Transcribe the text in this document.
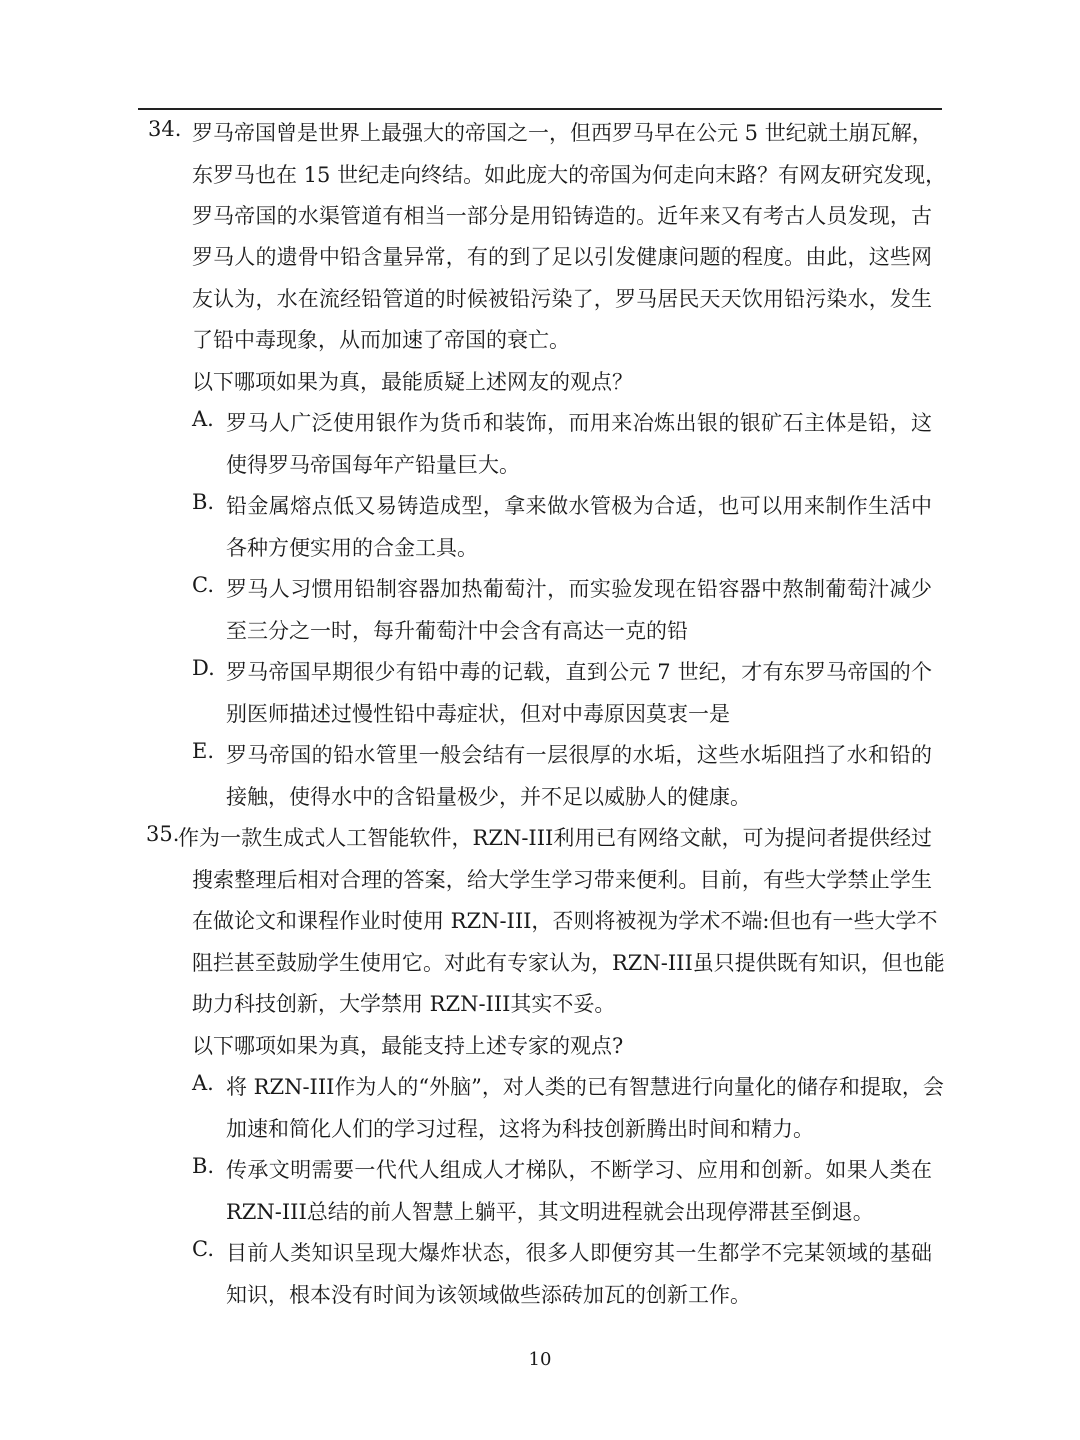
34. 罗马帝国曾是世界上最强大的帝国之一，但西罗马早在公元 5 世纪就土崩瓦解，
东罗马也在 15 世纪走向终结。如此庞大的帝国为何走向末路？有网友研究发现，
罗马帝国的水渠管道有相当一部分是用铅铸造的。近年来又有考古人员发现，古
罗马人的遗骨中铅含量异常，有的到了足以引发健康问题的程度。由此，这些网
友认为，水在流经铅管道的时候被铅污染了，罗马居民天天饮用铅污染水，发生
了铅中毒现象，从而加速了帝国的衰亡。
以下哪项如果为真，最能质疑上述网友的观点？
A. 罗马人广泛使用银作为货币和装饰，而用来冶炼出银的银矿石主体是铅，这
使得罗马帝国每年产铅量巨大。
B. 铅金属熔点低又易铸造成型，拿来做水管极为合适，也可以用来制作生活中
各种方便实用的合金工具。
C. 罗马人习惯用铅制容器加热葡萄汁，而实验发现在铅容器中熬制葡萄汁减少
至三分之一时，每升葡萄汁中会含有高达一克的铅
D. 罗马帝国早期很少有铅中毒的记载，直到公元 7 世纪，才有东罗马帝国的个
别医师描述过慢性铅中毒症状，但对中毒原因莫衷一是
E. 罗马帝国的铅水管里一般会结有一层很厚的水垢，这些水垢阻挡了水和铅的
接触，使得水中的含铅量极少，并不足以威胁人的健康。
35.
作为一款生成式人工智能软件，RZN-III利用已有网络文献，可为提问者提供经过
搜索整理后相对合理的答案，给大学生学习带来便利。目前，有些大学禁止学生
在做论文和课程作业时使用 RZN-III，否则将被视为学术不端:但也有一些大学不
阻拦甚至鼓励学生使用它。对此有专家认为，RZN-III虽只提供既有知识，但也能
助力科技创新，大学禁用 RZN-III其实不妥。
以下哪项如果为真，最能支持上述专家的观点?
A. 将 RZN-III作为人的“外脑”，对人类的已有智慧进行向量化的储存和提取，会
加速和简化人们的学习过程，这将为科技创新腾出时间和精力。
B. 传承文明需要一代代人组成人才梯队，不断学习、应用和创新。如果人类在
RZN-III总结的前人智慧上躺平，其文明进程就会出现停滞甚至倒退。
C. 目前人类知识呈现大爆炸状态，很多人即便穷其一生都学不完某领域的基础
知识，根本没有时间为该领域做些添砖加瓦的创新工作。
10
